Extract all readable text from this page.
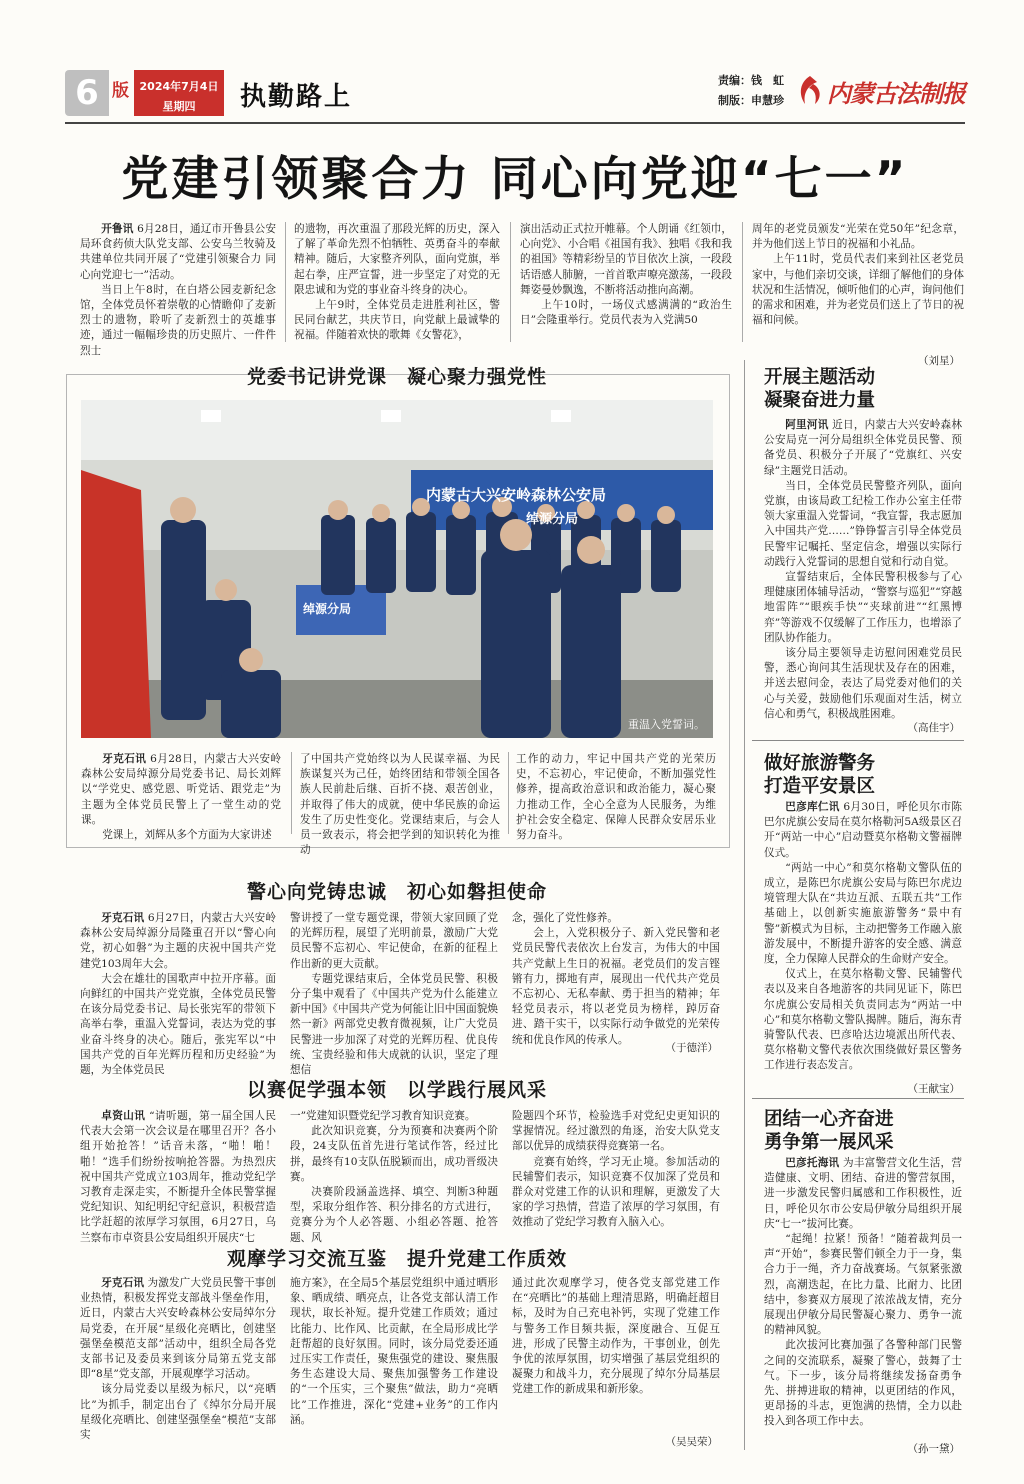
6 版 2024年7月4日
星期四	执勤路上
责编：钱　虹
制版：申慧珍 内蒙古法制报
党建引领聚合力 同心向党迎“七一”

开鲁讯 6月28日，通辽市开鲁县公安局环食药侦大队党支部、公安乌兰牧骑及共建单位共同开展了“党建引领聚合力 同心向党迎七一”活动。

当日上午8时，在白塔公园麦新纪念馆，全体党员怀着崇敬的心情瞻仰了麦新烈士的遗物，聆听了麦新烈士的英雄事迹，通过一幅幅珍贵的历史照片、一件件烈士

的遗物，再次重温了那段光辉的历史，深入了解了革命先烈不怕牺牲、英勇奋斗的奉献精神。随后，大家整齐列队，面向党旗，举起右拳，庄严宣誓，进一步坚定了对党的无限忠诚和为党的事业奋斗终身的决心。

上午9时，全体党员走进胜利社区，警民同台献艺，共庆节日，向党献上最诚挚的祝福。伴随着欢快的歌舞《女警花》，

演出活动正式拉开帷幕。个人朗诵《红领巾，心向党》、小合唱《祖国有我》、独唱《我和我的祖国》等精彩纷呈的节目依次上演，一段段话语感人肺腑，一首首歌声嘹亮激荡，一段段舞姿曼妙飘逸，不断将活动推向高潮。

上午10时，一场仪式感满满的“政治生日”会隆重举行。党员代表为入党满50

周年的老党员颁发“光荣在党50年”纪念章，并为他们送上节日的祝福和小礼品。

上午11时，党员代表们来到社区老党员家中，与他们亲切交谈，详细了解他们的身体状况和生活情况，倾听他们的心声，询问他们的需求和困难，并为老党员们送上了节日的祝福和问候。

（刘星）
党委书记讲党课　凝心聚力强党性
内蒙古大兴安岭森林公安局
绰源分局
绰源分局
重温入党誓词。

牙克石讯 6月28日，内蒙古大兴安岭森林公安局绰源分局党委书记、局长刘辉以“学党史、感党恩、听党话、跟党走”为主题为全体党员民警上了一堂生动的党课。

党课上，刘辉从多个方面为大家讲述

了中国共产党始终以为人民谋幸福、为民族谋复兴为己任，始终团结和带领全国各族人民前赴后继、百折不挠、艰苦创业，并取得了伟大的成就，使中华民族的命运发生了历史性变化。党课结束后，与会人员一致表示，将会把学到的知识转化为推动

工作的动力，牢记中国共产党的光荣历史，不忘初心，牢记使命，不断加强党性修养，提高政治意识和政治能力，凝心聚力推动工作，全心全意为人民服务，为维护社会安全稳定、保障人民群众安居乐业努力奋斗。

警心向党铸忠诚　初心如磐担使命

牙克石讯 6月27日，内蒙古大兴安岭森林公安局绰源分局隆重召开以“警心向党，初心如磐”为主题的庆祝中国共产党建党103周年大会。

大会在雄壮的国歌声中拉开序幕。面向鲜红的中国共产党党旗，全体党员民警在该分局党委书记、局长张宪军的带领下高举右拳，重温入党誓词，表达为党的事业奋斗终身的决心。随后，张宪军以“中国共产党的百年光辉历程和历史经验”为题，为全体党员民

警讲授了一堂专题党课，带领大家回顾了党的光辉历程，展望了光明前景，激励广大党员民警不忘初心、牢记使命，在新的征程上作出新的更大贡献。

专题党课结束后，全体党员民警、积极分子集中观看了《中国共产党为什么能建立新中国》《中国共产党为何能让旧中国面貌焕然一新》两部党史教育微视频，让广大党员民警进一步加深了对党的光辉历程、优良传统、宝贵经验和伟大成就的认识，坚定了理想信

念，强化了党性修养。

会上，入党积极分子、新入党民警和老党员民警代表依次上台发言，为伟大的中国共产党献上生日的祝福。老党员们的发言铿锵有力，掷地有声，展现出一代代共产党员不忘初心、无私奉献、勇于担当的精神；年轻党员表示，将以老党员为榜样，踔厉奋进、踏干实干，以实际行动争做党的光荣传统和优良作风的传承人。

（于德洋）
以赛促学强本领　以学践行展风采

卓资山讯 “请听题，第一届全国人民代表大会第一次会议是在哪里召开？各小组开始抢答！”话音未落，“啪！啪！啪！”选手们纷纷按响抢答器。为热烈庆祝中国共产党成立103周年，推动党纪学习教育走深走实，不断提升全体民警掌握党纪知识、知纪明纪守纪意识，积极营造比学赶超的浓厚学习氛围，6月27日，乌兰察布市卓资县公安局组织开展庆“七

一”党建知识暨党纪学习教育知识竞赛。

此次知识竞赛，分为预赛和决赛两个阶段，24支队伍首先进行笔试作答，经过比拼，最终有10支队伍脱颖而出，成功晋级决赛。

决赛阶段涵盖选择、填空、判断3种题型，采取分组作答、积分排名的方式进行，竞赛分为个人必答题、小组必答题、抢答题、风

险题四个环节，检验选手对党纪史更知识的掌握情况。经过激烈的角逐，治安大队党支部以优异的成绩获得竞赛第一名。

竞赛有始终，学习无止境。参加活动的民辅警们表示，知识竞赛不仅加深了党员和群众对党建工作的认识和理解，更激发了大家的学习热情，营造了浓厚的学习氛围，有效推动了党纪学习教育入脑入心。

观摩学习交流互鉴　提升党建工作质效

牙克石讯 为激发广大党员民警干事创业热情，积极发挥党支部战斗堡垒作用，近日，内蒙古大兴安岭森林公安局绰尔分局党委，在开展“星级化亮晒比，创建坚强堡垒模范支部”活动中，组织全局各党支部书记及委员来到该分局第五党支部即“8星”党支部，开展观摩学习活动。

该分局党委以星级为标尺，以“亮晒比”为抓手，制定出台了《绰尔分局开展星级化亮晒比、创建坚强堡垒“模范”支部实

施方案》，在全局5个基层党组织中通过晒形象、晒成绩、晒亮点，让各党支部认清工作现状，取长补短。提升党建工作质效；通过比能力、比作风、比贡献，在全局形成比学赶帮超的良好氛围。同时，该分局党委还通过压实工作责任，聚焦强党的建设、聚焦服务生态建设大局、聚焦加强警务工作建设的“一个压实，三个聚焦”做法，助力“亮晒比”工作推进，深化“党建+业务”的工作内涵。

通过此次观摩学习，使各党支部党建工作在“亮晒比”的基础上理清思路，明确赶超目标，及时为自己充电补钙，实现了党建工作与警务工作目频共振，深度融合、互促互进，形成了民警主动作为，干事创业，创先争优的浓厚氛围，切实增强了基层党组织的凝聚力和战斗力，充分展现了绰尔分局基层党建工作的新成果和新形象。

（吴吴荣）
开展主题活动
凝聚奋进力量

阿里河讯 近日，内蒙古大兴安岭森林公安局克一河分局组织全体党员民警、预备党员、积极分子开展了“党旗红、兴安绿”主题党日活动。

当日，全体党员民警整齐列队，面向党旗，由该局政工纪检工作办公室主任带领大家重温入党誓词，“我宣誓，我志愿加入中国共产党……”铮铮誓言引导全体党员民警牢记嘱托、坚定信念，增强以实际行动践行入党誓词的思想自觉和行动自觉。

宣誓结束后，全体民警积极参与了心理健康团体辅导活动，“警察与巡犯”“穿越地雷阵”“眼疾手快”“夹球前进”“红黑博弈”等游戏不仅缓解了工作压力，也增添了团队协作能力。

该分局主要领导走访慰问困难党员民警，悉心询问其生活现状及存在的困难，并送去慰问金，表达了局党委对他们的关心与关爱，鼓励他们乐观面对生活，树立信心和勇气，积极战胜困难。

（高佳宇）
做好旅游警务
打造平安景区

巴彦库仁讯 6月30日，呼伦贝尔市陈巴尔虎旗公安局在莫尔格勒河5A级景区召开“两站一中心”启动暨莫尔格勒文警福牌仪式。

“两站一中心”和莫尔格勒文警队伍的成立，是陈巴尔虎旗公安局与陈巴尔虎边境管理大队在“共边互派、五联五共”工作基础上，以创新实施旅游警务“景中有警”新模式为目标，主动把警务工作融入旅游发展中，不断提升游客的安全感、满意度，全力保障人民群众的生命财产安全。

仪式上，在莫尔格勒文警、民辅警代表以及来自各地游客的共同见证下，陈巴尔虎旗公安局相关负责同志为“两站一中心”和莫尔格勒文警队揭牌。随后，海东青骑警队代表、巴彦哈达边境派出所代表、莫尔格勒文警代表依次围绕做好景区警务工作进行表态发言。

（王献宝）
团结一心齐奋进
勇争第一展风采

巴彦托海讯 为丰富警营文化生活，营造健康、文明、团结、奋进的警营氛围，进一步激发民警归属感和工作积极性，近日，呼伦贝尔市公安局伊敏分局组织开展庆“七一”拔河比赛。

“起绳！拉紧！预备！”随着裁判员一声“开始”，参赛民警们顿全力于一身，集合力于一绳，齐力奋战赛场。气氛紧张激烈，高潮迭起，在比力量、比耐力、比团结中，参赛双方展现了浓浓战友情，充分展现出伊敏分局民警凝心聚力、勇争一流的精神风貌。

此次拔河比赛加强了各警种部门民警之间的交流联系，凝聚了警心，鼓舞了士气。下一步，该分局将继续发扬奋勇争先、拼搏进取的精神，以更团结的作风，更昂扬的斗志，更饱满的热情，全力以赴投入到各项工作中去。

（孙一黛）
